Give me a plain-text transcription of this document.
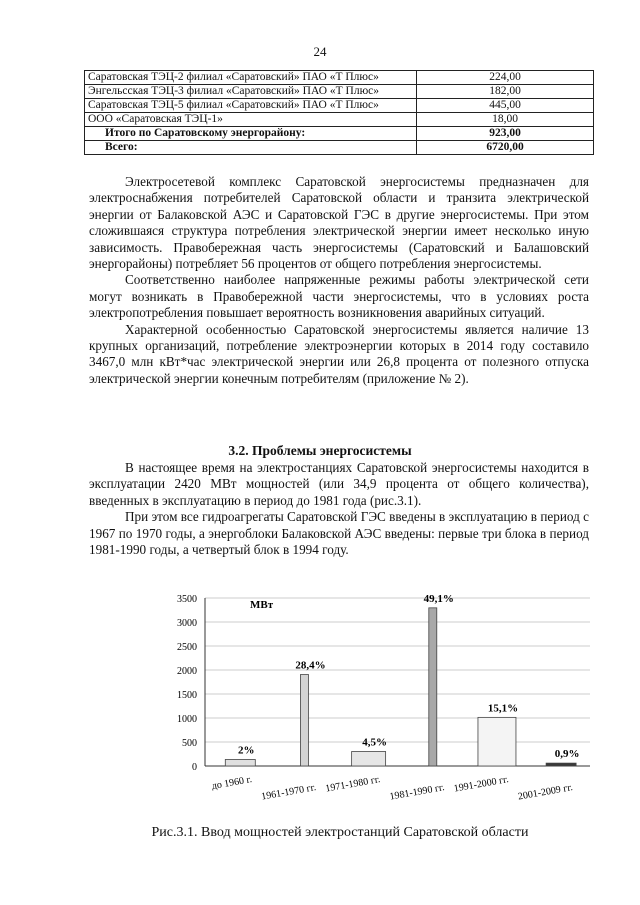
24
Саратовская ТЭЦ-2 филиал «Саратовский» ПАО «Т Плюс»	224,00
Энгельсская ТЭЦ-3 филиал «Саратовский» ПАО «Т Плюс»	182,00
Саратовская ТЭЦ-5 филиал «Саратовский» ПАО «Т Плюс»	445,00
ООО «Саратовская ТЭЦ-1»	18,00
Итого по Саратовскому энергорайону:	923,00
Всего:	6720,00

Электросетевой комплекс Саратовской энергосистемы предназначен для электроснабжения потребителей Саратовской области и транзита электрической энергии от Балаковской АЭС и Саратовской ГЭС в другие энергосистемы. При этом сложившаяся структура потребления электрической энергии имеет несколько иную зависимость. Правобережная часть энергосистемы (Саратовский и Балашовский энергорайоны) потребляет 56 процентов от общего потребления энергосистемы.

Соответственно наиболее напряженные режимы работы электрической сети могут возникать в Правобережной части энергосистемы, что в условиях роста электропотребления повышает вероятность возникновения аварийных ситуаций.

Характерной особенностью Саратовской энергосистемы является наличие 13 крупных организаций, потребление электроэнергии которых в 2014 году составило 3467,0 млн кВт*час электрической энергии или 26,8 процента от полезного отпуска электрической энергии конечным потребителям (приложение № 2).

3.2. Проблемы энергосистемы

В настоящее время на электростанциях Саратовской энергосистемы находится в эксплуатации 2420 МВт мощностей (или 34,9 процента от общего количества), введенных в эксплуатацию в период до 1981 года (рис.3.1).

При этом все гидроагрегаты Саратовской ГЭС введены в эксплуатацию в период с 1967 по 1970 годы, а энергоблоки Балаковской АЭС введены: первые три блока в период 1981-1990 годы, а четвертый блок в 1994 году.

0
500
1000
1500
2000
2500
3000
3500
2%
28,4%
4,5%
49,1%
15,1%
0,9%
до 1960 г. 1961-1970 гг. 1971-1980 гг. 1981-1990 гг. 1991-2000 гг. 2001-2009 гг.
МВт
Рис.3.1. Ввод мощностей электростанций Саратовской области
